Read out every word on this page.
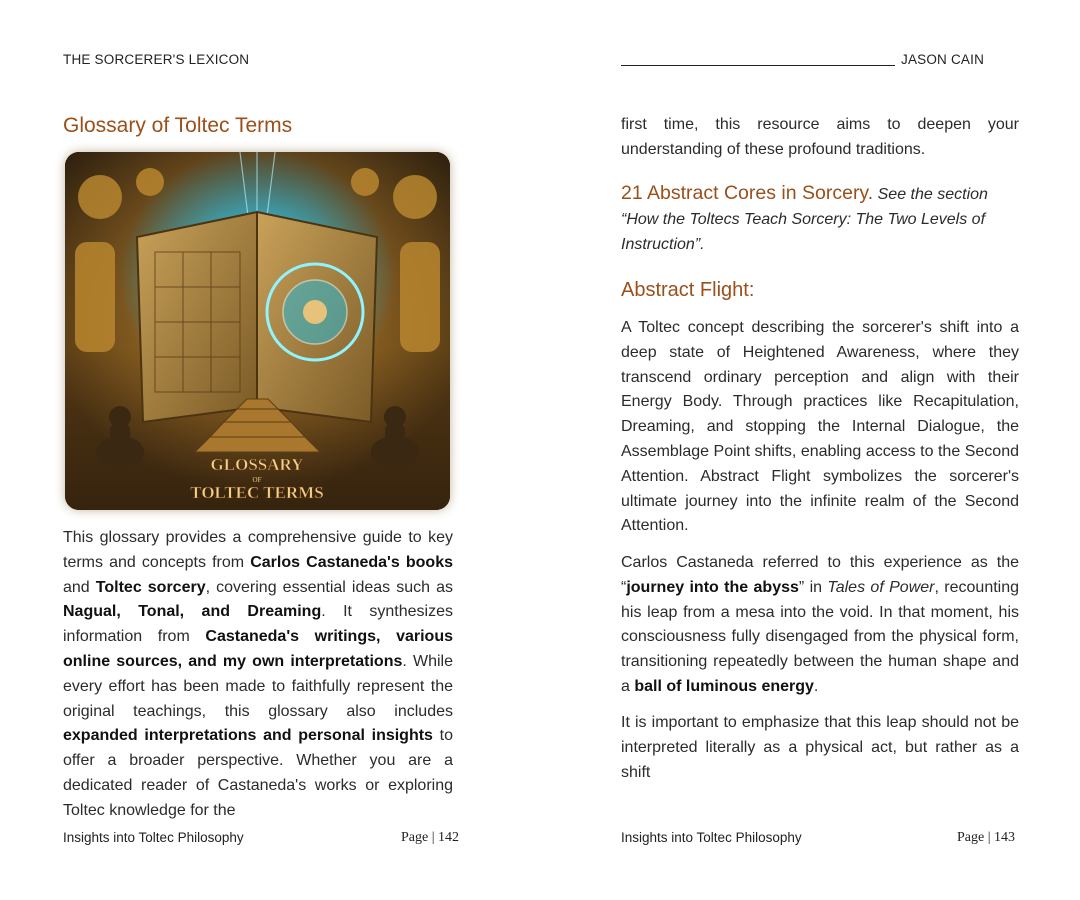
THE SORCERER'S LEXICON
Glossary of Toltec Terms
GLOSSARY
OF
TOLTEC TERMS

This glossary provides a comprehensive guide to key terms and concepts from Carlos Castaneda's books and Toltec sorcery, covering essential ideas such as Nagual, Tonal, and Dreaming. It synthesizes information from Castaneda's writings, various online sources, and my own interpretations. While every effort has been made to faithfully represent the original teachings, this glossary also includes expanded interpretations and personal insights to offer a broader perspective. Whether you are a dedicated reader of Castaneda's works or exploring Toltec knowledge for the

Insights into Toltec Philosophy	Page | 142
JASON CAIN

first time, this resource aims to deepen your understanding of these profound traditions.

21 Abstract Cores in Sorcery. See the section “How the Toltecs Teach Sorcery: The Two Levels of Instruction”.
Abstract Flight:

A Toltec concept describing the sorcerer's shift into a deep state of Heightened Awareness, where they transcend ordinary perception and align with their Energy Body. Through practices like Recapitulation, Dreaming, and stopping the Internal Dialogue, the Assemblage Point shifts, enabling access to the Second Attention. Abstract Flight symbolizes the sorcerer's ultimate journey into the infinite realm of the Second Attention.

Carlos Castaneda referred to this experience as the “journey into the abyss” in Tales of Power, recounting his leap from a mesa into the void. In that moment, his consciousness fully disengaged from the physical form, transitioning repeatedly between the human shape and a ball of luminous energy.

It is important to emphasize that this leap should not be interpreted literally as a physical act, but rather as a shift

Insights into Toltec Philosophy	Page | 143
